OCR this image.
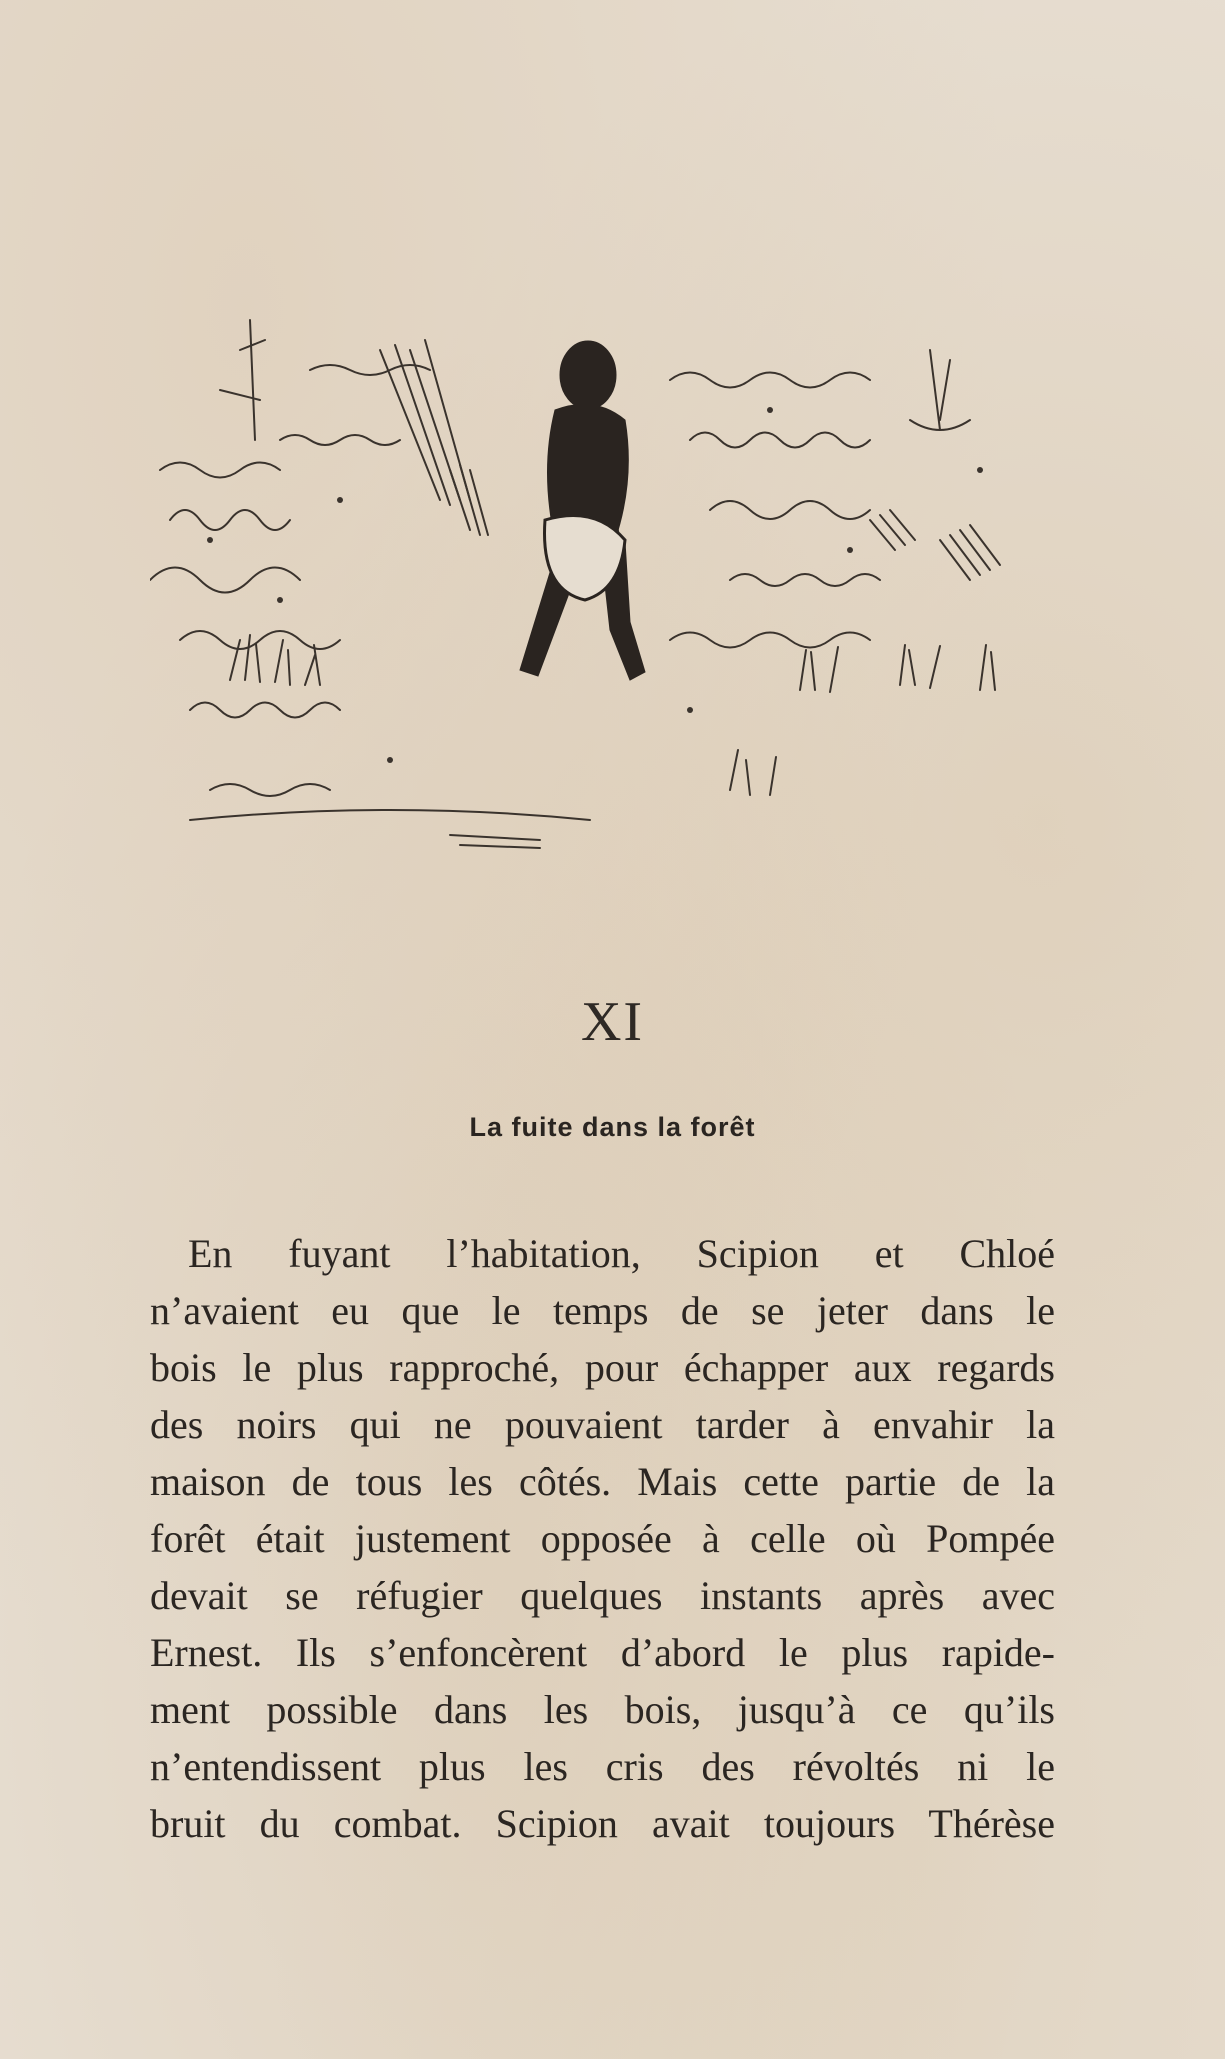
XI
La fuite dans la forêt
En fuyant l’habitation, Scipion et Chloé
n’avaient eu que le temps de se jeter dans le
bois le plus rapproché, pour échapper aux regards
des noirs qui ne pouvaient tarder à envahir la
maison de tous les côtés. Mais cette partie de la
forêt était justement opposée à celle où Pompée
devait se réfugier quelques instants après avec
Ernest. Ils s’enfoncèrent d’abord le plus rapide-
ment possible dans les bois, jusqu’à ce qu’ils
n’entendissent plus les cris des révoltés ni le
bruit du combat. Scipion avait toujours Thérèse
